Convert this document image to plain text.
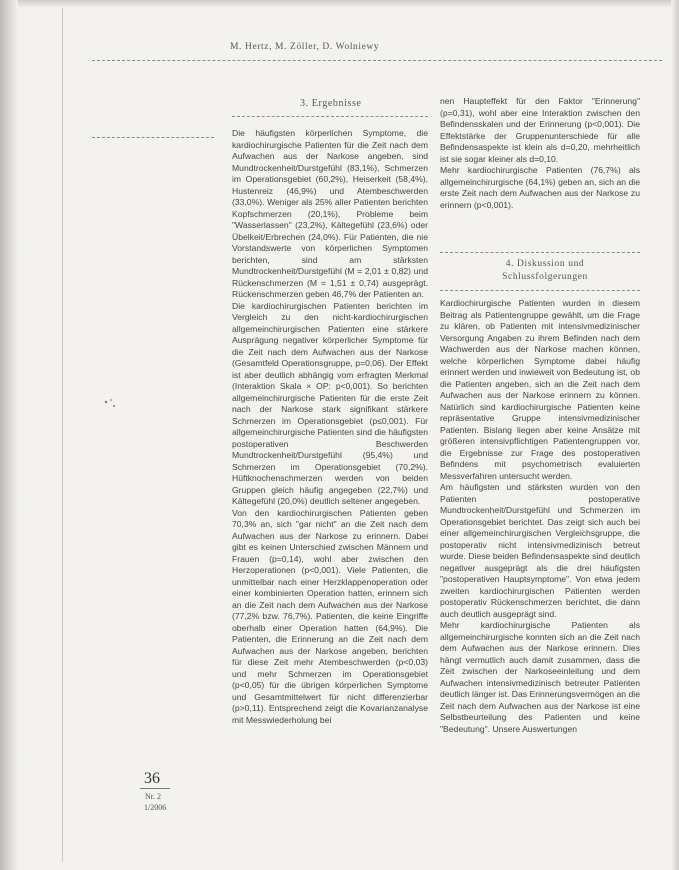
M. Hertz, M. Zöller, D. Wolniewy
3. Ergebnisse

Die häufigsten körperlichen Symptome, die kardiochirurgische Patienten für die Zeit nach dem Aufwachen aus der Narkose angeben, sind Mundtrockenheit/Durstgefühl (83,1%), Schmerzen im Operationsgebiet (60,2%), Heiserkeit (58,4%), Hustenreiz (46,9%) und Atembeschwerden (33,0%). Weniger als 25% aller Patienten berichten Kopfschmerzen (20,1%), Probleme beim "Wasserlassen" (23,2%), Kältegefühl (23,6%) oder Übelkeit/Erbrechen (24,0%). Für Patienten, die nie Vorstandswerte von körperlichen Symptomen berichten, sind am stärksten Mundtrockenheit/Durstgefühl (M = 2,01 ± 0,82) und Rückenschmerzen (M = 1,51 ± 0,74) ausgeprägt. Rückenschmerzen geben 46,7% der Patienten an.

Die kardiochirurgischen Patienten berichten im Vergleich zu den nicht-kardiochirurgischen allgemeinchirurgischen Patienten eine stärkere Ausprägung negativer körperlicher Symptome für die Zeit nach dem Aufwachen aus der Narkose (Gesamtfeld Operationsgruppe, p=0,06). Der Effekt ist aber deutlich abhängig vom erfragten Merkmal (Interaktion Skala × OP: p<0,001). So berichten allgemeinchirurgische Patienten für die erste Zeit nach der Narkose stark signifikant stärkere Schmerzen im Operationsgebiet (p≤0,001). Für allgemeinchirurgische Patienten sind die häufigsten postoperativen Beschwerden Mundtrockenheit/Durstgefühl (95,4%) und Schmerzen im Operationsgebiet (70,2%). Hüftknochenschmerzen werden von beiden Gruppen gleich häufig angegeben (22,7%) und Kältegefühl (20,0%) deutlich seltener angegeben.

Von den kardiochirurgischen Patienten geben 70,3% an, sich "gar nicht" an die Zeit nach dem Aufwachen aus der Narkose zu erinnern. Dabei gibt es keinen Unterschied zwischen Männern und Frauen (p=0,14), wohl aber zwischen den Herzoperationen (p<0,001). Viele Patienten, die unmittelbar nach einer Herzklappenoperation oder einer kombinierten Operation hatten, erinnern sich an die Zeit nach dem Aufwachen aus der Narkose (77,2% bzw. 76,7%). Patienten, die keine Eingriffe oberhalb einer Operation hatten (64,9%). Die Patienten, die Erinnerung an die Zeit nach dem Aufwachen aus der Narkose angeben, berichten für diese Zeit mehr Atembeschwerden (p<0,03) und mehr Schmerzen im Operationsgebiet (p<0,05) für die übrigen körperlichen Symptome und Gesamtmittelwert für nicht differenzierbar (p>0,11). Entsprechend zeigt die Kovarianzanalyse mit Messwiederholung bei

nen Haupteffekt für den Faktor "Erinnerung" (p=0,31), wohl aber eine Interaktion zwischen den Befindensskalen und der Erinnerung (p<0,001). Die Effektstärke der Gruppenunterschiede für alle Befindensaspekte ist klein als d=0,20, mehrheitlich ist sie sogar kleiner als d=0,10.

Mehr kardiochirurgische Patienten (76,7%) als allgemeinchirurgische (64,1%) geben an, sich an die erste Zeit nach dem Aufwachen aus der Narkose zu erinnern (p<0,001).

4. Diskussion und Schlussfolgerungen

Kardiochirurgische Patienten wurden in diesem Beitrag als Patientengruppe gewählt, um die Frage zu klären, ob Patienten mit intensivmedizinischer Versorgung Angaben zu ihrem Befinden nach dem Wachwerden aus der Narkose machen können, welche körperlichen Symptome dabei häufig erinnert werden und inwieweit von Bedeutung ist, ob die Patienten angeben, sich an die Zeit nach dem Aufwachen aus der Narkose erinnern zu können. Natürlich sind kardiochirurgische Patienten keine repräsentative Gruppe intensivmedizinischer Patienten. Bislang liegen aber keine Ansätze mit größeren intensivpflichtigen Patientengruppen vor, die Ergebnisse zur Frage des postoperativen Befindens mit psychometrisch evaluierten Messverfahren untersucht werden.

Am häufigsten und stärksten wurden von den Patienten postoperative Mundtrockenheit/Durstgefühl und Schmerzen im Operationsgebiet berichtet. Das zeigt sich auch bei einer allgemeinchirurgischen Vergleichsgruppe, die postoperativ nicht intensivmedizinisch betreut wurde. Diese beiden Befindensaspekte sind deutlich negativer ausgeprägt als die drei häufigsten "postoperativen Hauptsymptome". Von etwa jedem zweiten kardiochirurgischen Patienten werden postoperativ Rückenschmerzen berichtet, die dann auch deutlich ausgeprägt sind.

Mehr kardiochirurgische Patienten als allgemeinchirurgische konnten sich an die Zeit nach dem Aufwachen aus der Narkose erinnern. Dies hängt vermutlich auch damit zusammen, dass die Zeit zwischen der Narkoseeinleitung und dem Aufwachen intensivmedizinisch betreuter Patienten deutlich länger ist. Das Erinnerungsvermögen an die Zeit nach dem Aufwachen aus der Narkose ist eine Selbstbeurteilung des Patienten und keine "Bedeutung". Unsere Auswertungen

36
Nr. 2
1/2006
